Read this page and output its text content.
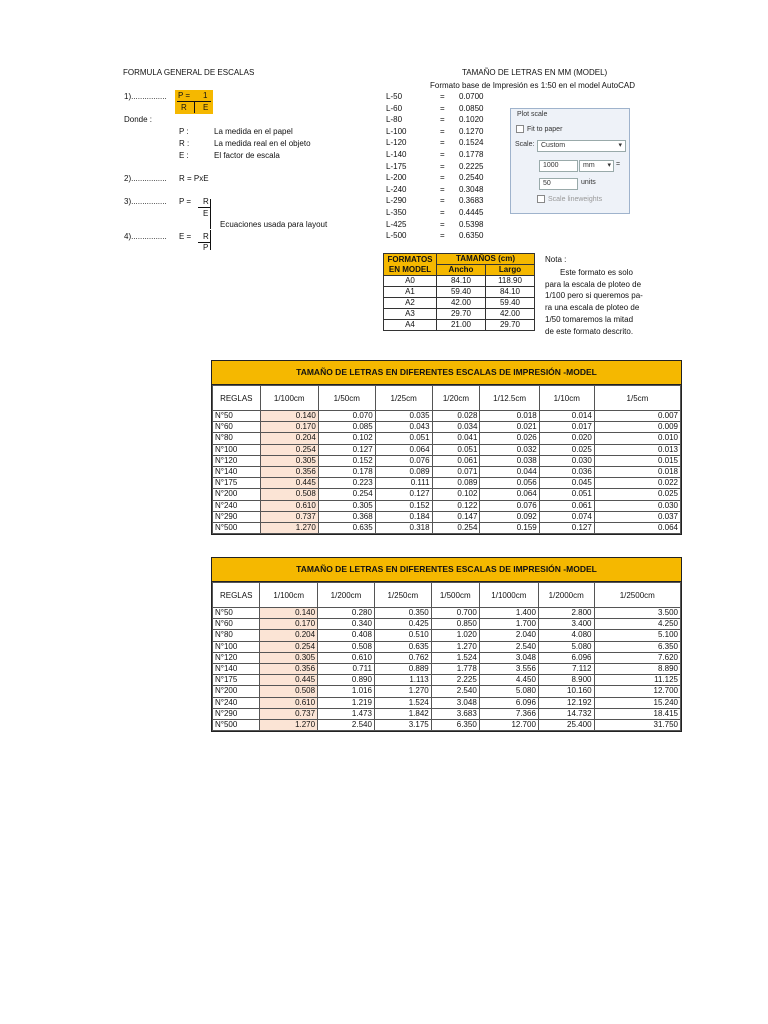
FORMULA GENERAL DE ESCALAS	TAMAÑO DE LETRAS EN MM (MODEL)
Formato base de Impresión es 1:50 en el model AutoCAD
1)................ P = 1
R E
Donde :
P :	La medida en el papel
R :	La medida real en el objeto
E :	El factor de escala
2)................ R = PxE
3)................ P = R
E
Ecuaciones usada para layout
4)................ E = R
P
L-50	= 0.0700
L-60	= 0.0850
L-80	= 0.1020
L-100	= 0.1270
L-120	= 0.1524
L-140	= 0.1778
L-175	= 0.2225
L-200	= 0.2540
L-240	= 0.3048
L-290	= 0.3683
L-350	= 0.4445
L-425	= 0.5398
L-500	= 0.6350
Plot scale
Fit to paper
Scale: Custom	▾
1000	mm ▾ =
50	units
Scale lineweights
FORMATOS EN MODEL	TAMAÑOS (cm)	
	Ancho	Largo
A0	84.10	118.90
A1	59.40	84.10
A2	42.00	59.40
A3	29.70	42.00
A4	21.00	29.70
Nota :
Este formato es solo
para la escala de ploteo de
1/100 pero si queremos pa-
ra una escala de ploteo de
1/50 tomaremos la mitad
de este formato descrito.
TAMAÑO DE LETRAS EN DIFERENTES ESCALAS DE IMPRESIÓN -MODEL
REGLAS	1/100cm	1/50cm	1/25cm	1/20cm	1/12.5cm	1/10cm	1/5cm
N°50	0.140	0.070	0.035	0.028	0.018	0.014	0.007
N°60	0.170	0.085	0.043	0.034	0.021	0.017	0.009
N°80	0.204	0.102	0.051	0.041	0.026	0.020	0.010
N°100	0.254	0.127	0.064	0.051	0.032	0.025	0.013
N°120	0.305	0.152	0.076	0.061	0.038	0.030	0.015
N°140	0.356	0.178	0.089	0.071	0.044	0.036	0.018
N°175	0.445	0.223	0.111	0.089	0.056	0.045	0.022
N°200	0.508	0.254	0.127	0.102	0.064	0.051	0.025
N°240	0.610	0.305	0.152	0.122	0.076	0.061	0.030
N°290	0.737	0.368	0.184	0.147	0.092	0.074	0.037
N°500	1.270	0.635	0.318	0.254	0.159	0.127	0.064
TAMAÑO DE LETRAS EN DIFERENTES ESCALAS DE IMPRESIÓN -MODEL
REGLAS	1/100cm	1/200cm	1/250cm	1/500cm	1/1000cm	1/2000cm	1/2500cm
N°50	0.140	0.280	0.350	0.700	1.400	2.800	3.500
N°60	0.170	0.340	0.425	0.850	1.700	3.400	4.250
N°80	0.204	0.408	0.510	1.020	2.040	4.080	5.100
N°100	0.254	0.508	0.635	1.270	2.540	5.080	6.350
N°120	0.305	0.610	0.762	1.524	3.048	6.096	7.620
N°140	0.356	0.711	0.889	1.778	3.556	7.112	8.890
N°175	0.445	0.890	1.113	2.225	4.450	8.900	11.125
N°200	0.508	1.016	1.270	2.540	5.080	10.160	12.700
N°240	0.610	1.219	1.524	3.048	6.096	12.192	15.240
N°290	0.737	1.473	1.842	3.683	7.366	14.732	18.415
N°500	1.270	2.540	3.175	6.350	12.700	25.400	31.750
